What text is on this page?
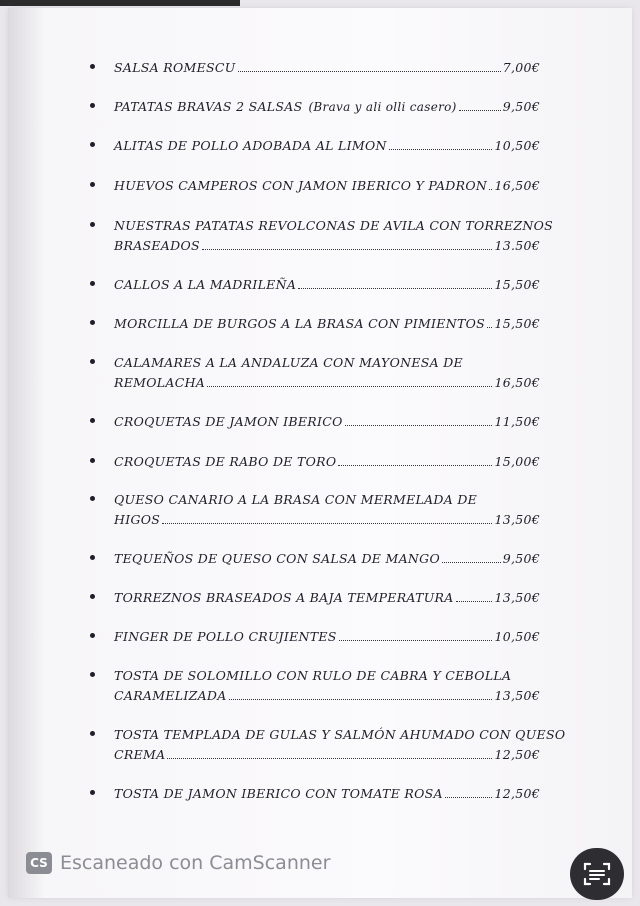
SALSA ROMESCU	7,00€
PATATAS BRAVAS 2 SALSAS (Brava y ali olli casero)	9,50€
ALITAS DE POLLO ADOBADA AL LIMON	10,50€
HUEVOS CAMPEROS CON JAMON IBERICO Y PADRON 16,50€
NUESTRAS PATATAS REVOLCONAS DE AVILA CON TORREZNOS
BRASEADOS	13.50€
CALLOS A LA MADRILEÑA	15,50€
MORCILLA DE BURGOS A LA BRASA CON PIMIENTOS 15,50€
CALAMARES A LA ANDALUZA CON MAYONESA DE
REMOLACHA	16,50€
CROQUETAS DE JAMON IBERICO	11,50€
CROQUETAS DE RABO DE TORO	15,00€
QUESO CANARIO A LA BRASA CON MERMELADA DE
HIGOS	13,50€
TEQUEÑOS DE QUESO CON SALSA DE MANGO	9,50€
TORREZNOS BRASEADOS A BAJA TEMPERATURA	13,50€
FINGER DE POLLO CRUJIENTES	10,50€
TOSTA DE SOLOMILLO CON RULO DE CABRA Y CEBOLLA
CARAMELIZADA	13,50€
TOSTA TEMPLADA DE GULAS Y SALMÓN AHUMADO CON QUESO
CREMA	12,50€
TOSTA DE JAMON IBERICO CON TOMATE ROSA	12,50€
CS Escaneado con CamScanner
